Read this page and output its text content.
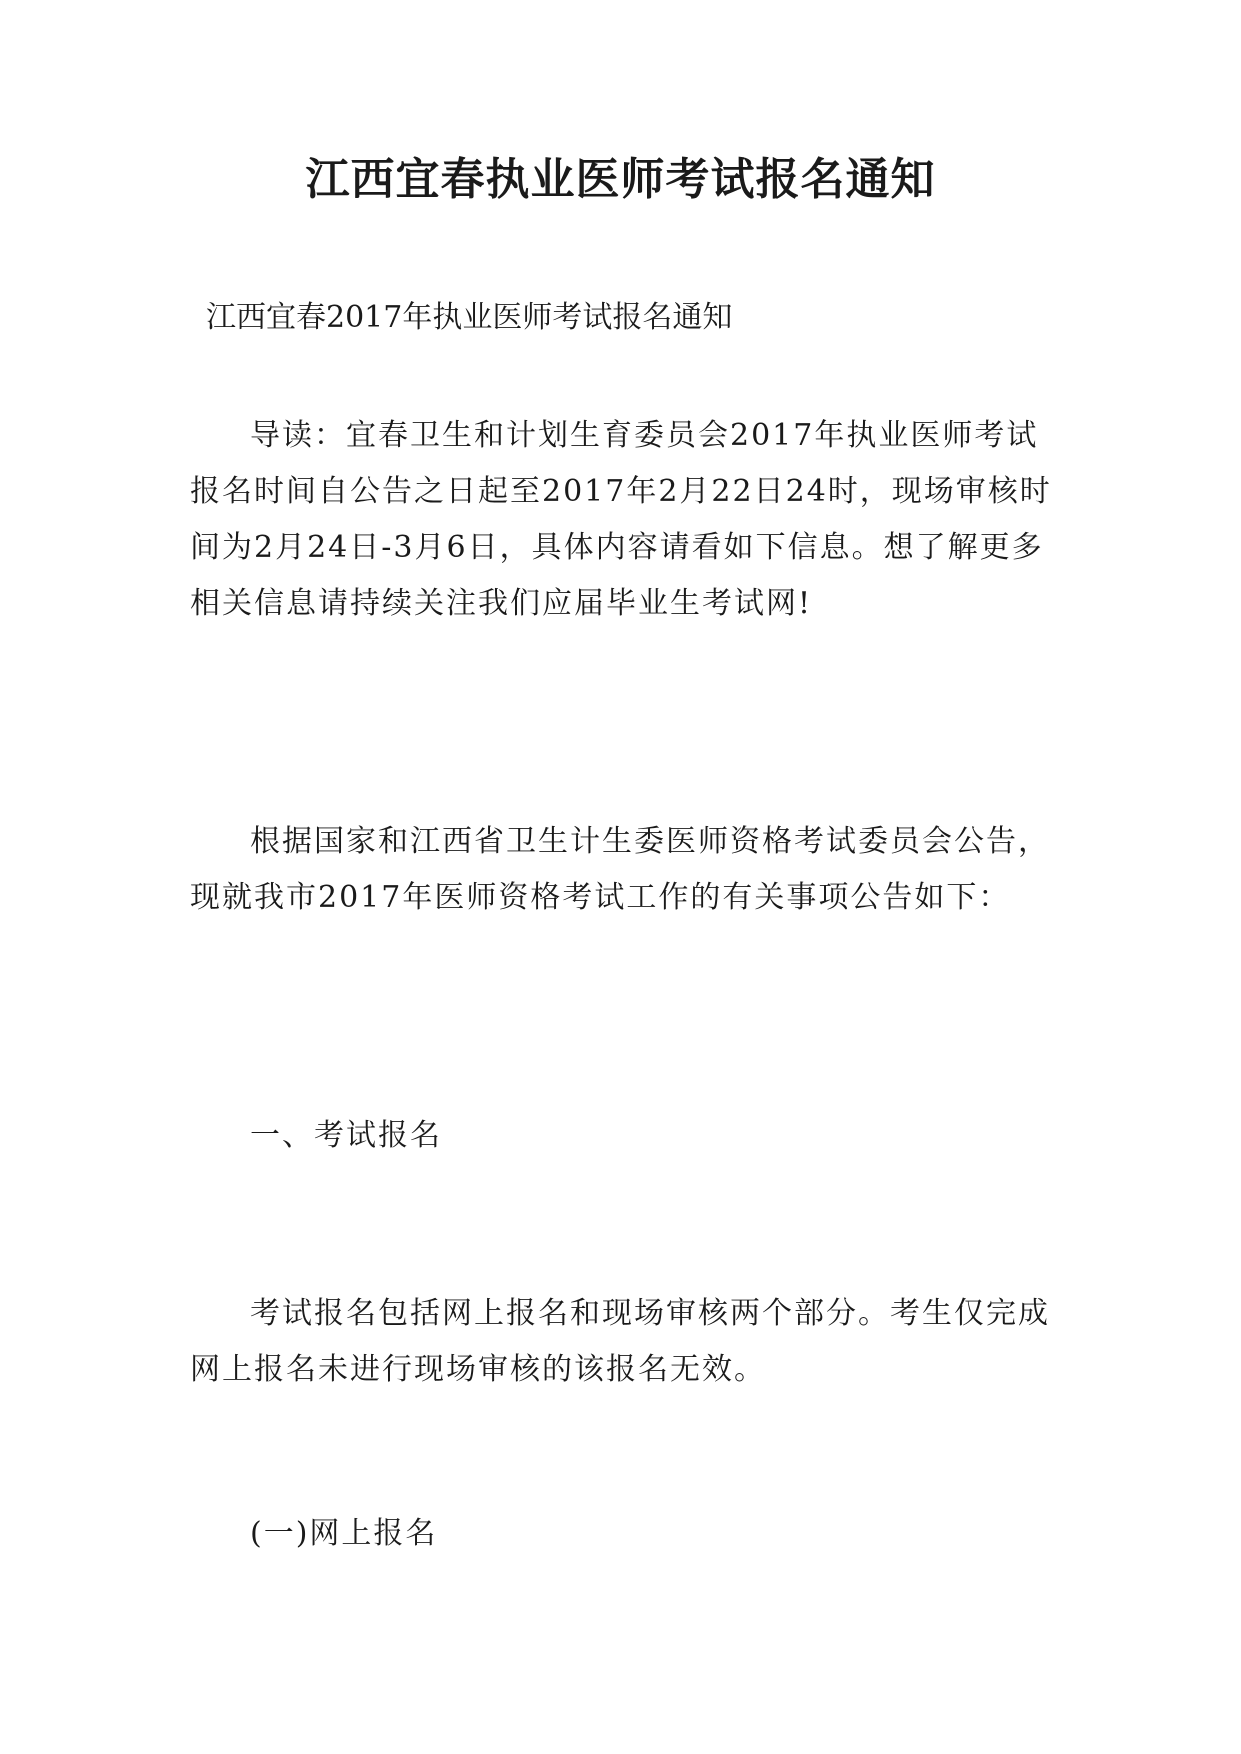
江西宜春执业医师考试报名通知
江西宜春2017年执业医师考试报名通知

导读：宜春卫生和计划生育委员会2017年执业医师考试报名时间自公告之日起至2017年2月22日24时，现场审核时间为2月24日-3月6日，具体内容请看如下信息。想了解更多相关信息请持续关注我们应届毕业生考试网!

根据国家和江西省卫生计生委医师资格考试委员会公告，现就我市2017年医师资格考试工作的有关事项公告如下：

一、考试报名

考试报名包括网上报名和现场审核两个部分。考生仅完成网上报名未进行现场审核的该报名无效。

(一)网上报名
